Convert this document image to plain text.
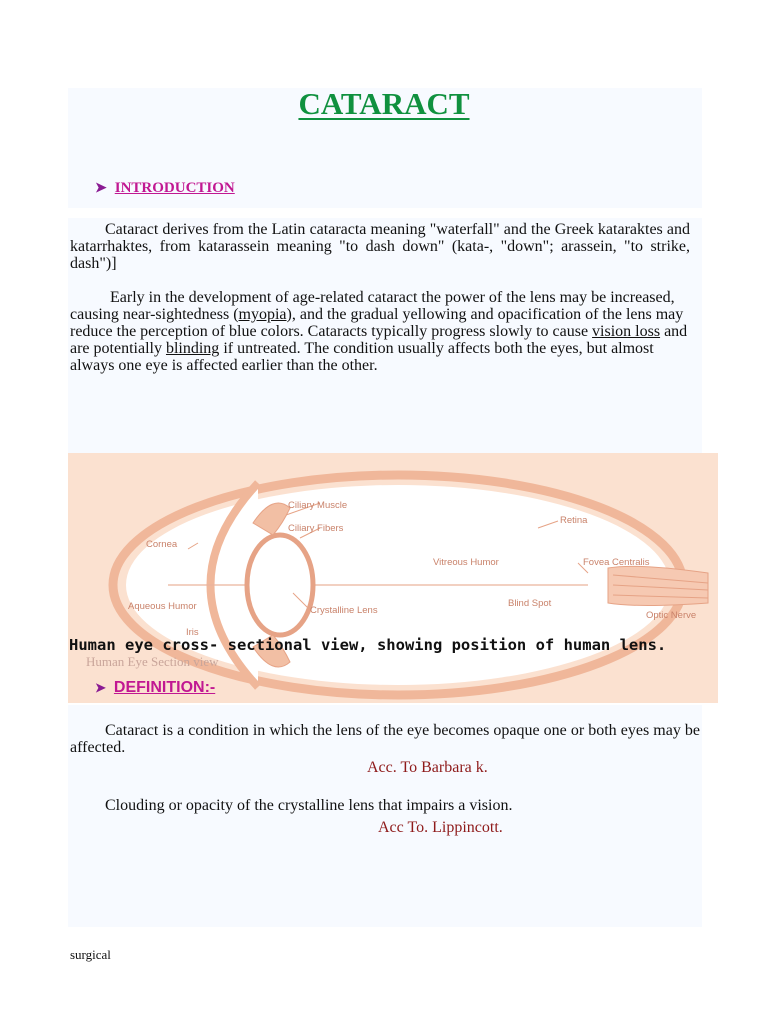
CATARACT
➤ INTRODUCTION
Cataract derives from the Latin cataracta meaning "waterfall" and the Greek kataraktes and katarrhaktes, from katarassein meaning "to dash down" (kata-, "down"; arassein, "to strike, dash")]
Early in the development of age-related cataract the power of the lens may be increased, causing near-sightedness (myopia), and the gradual yellowing and opacification of the lens may reduce the perception of blue colors. Cataracts typically progress slowly to cause vision loss and are potentially blinding if untreated. The condition usually affects both the eyes, but almost always one eye is affected earlier than the other.
Ciliary Muscle
Ciliary Fibers
Retina
Cornea
Vitreous Humor	Fovea Centralis
Aqueous Humor	Crystalline Lens
Blind Spot
Optic Nerve
Iris
Human Eye Section view
Human eye cross- sectional view, showing position of human lens.
➤ DEFINITION:-
Cataract is a condition in which the lens of the eye becomes opaque one or both eyes may be affected.
Acc. To Barbara k.
Clouding or opacity of the crystalline lens that impairs a vision.
Acc To. Lippincott.
surgical
